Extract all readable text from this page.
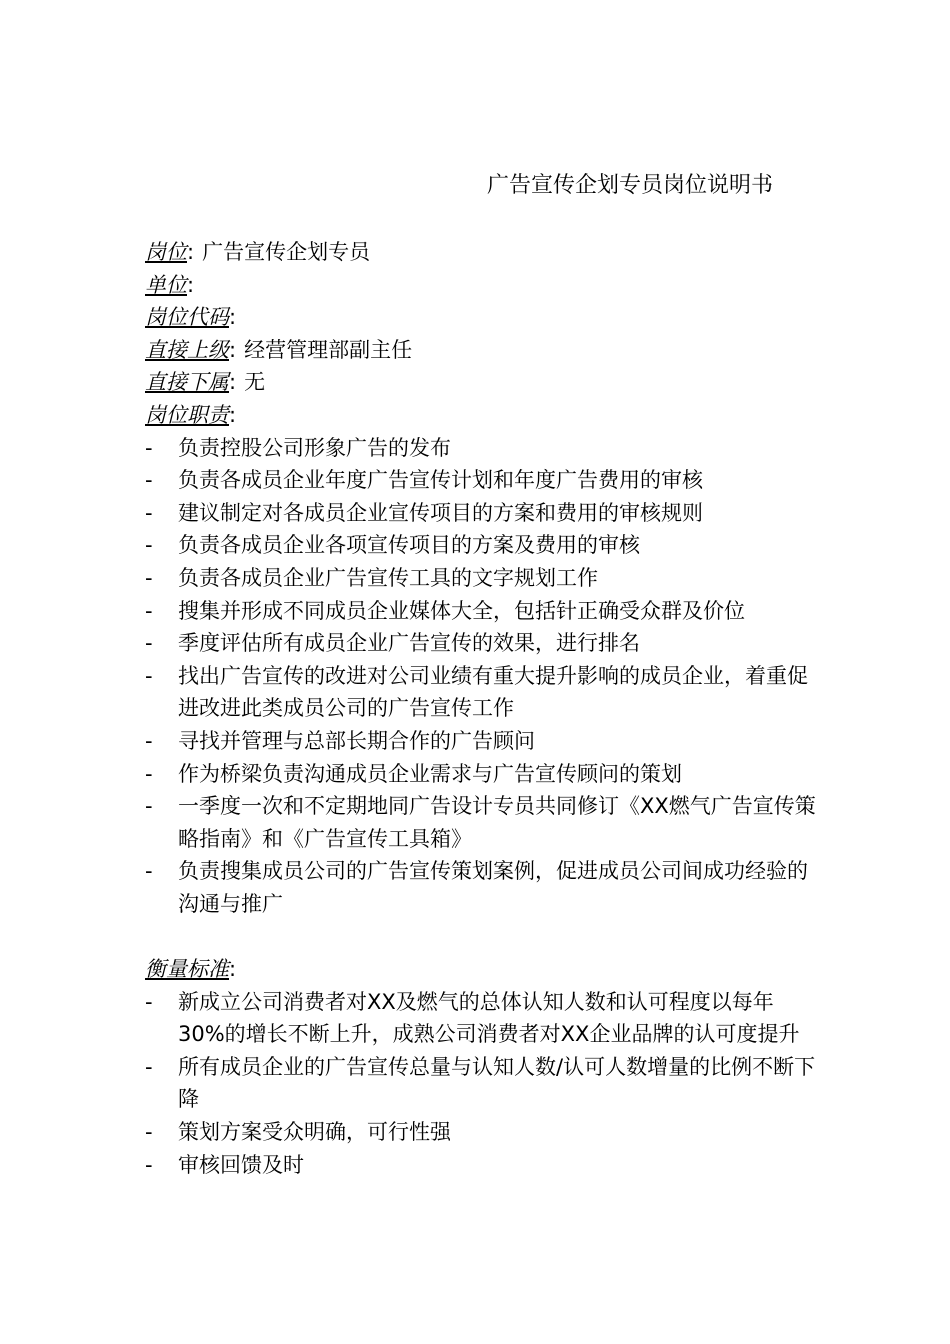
广告宣传企划专员岗位说明书
岗位: 广告宣传企划专员
单位:
岗位代码:
直接上级: 经营管理部副主任
直接下属: 无
岗位职责:
- 负责控股公司形象广告的发布
- 负责各成员企业年度广告宣传计划和年度广告费用的审核
- 建议制定对各成员企业宣传项目的方案和费用的审核规则
- 负责各成员企业各项宣传项目的方案及费用的审核
- 负责各成员企业广告宣传工具的文字规划工作
- 搜集并形成不同成员企业媒体大全，包括针正确受众群及价位
- 季度评估所有成员企业广告宣传的效果，进行排名
- 找出广告宣传的改进对公司业绩有重大提升影响的成员企业，着重促进改进此类成员公司的广告宣传工作
- 寻找并管理与总部长期合作的广告顾问
- 作为桥梁负责沟通成员企业需求与广告宣传顾问的策划
- 一季度一次和不定期地同广告设计专员共同修订《XX燃气广告宣传策略指南》和《广告宣传工具箱》
- 负责搜集成员公司的广告宣传策划案例，促进成员公司间成功经验的沟通与推广
衡量标准:
- 新成立公司消费者对XX及燃气的总体认知人数和认可程度以每年30%的增长不断上升，成熟公司消费者对XX企业品牌的认可度提升
- 所有成员企业的广告宣传总量与认知人数/认可人数增量的比例不断下降
- 策划方案受众明确，可行性强
- 审核回馈及时
